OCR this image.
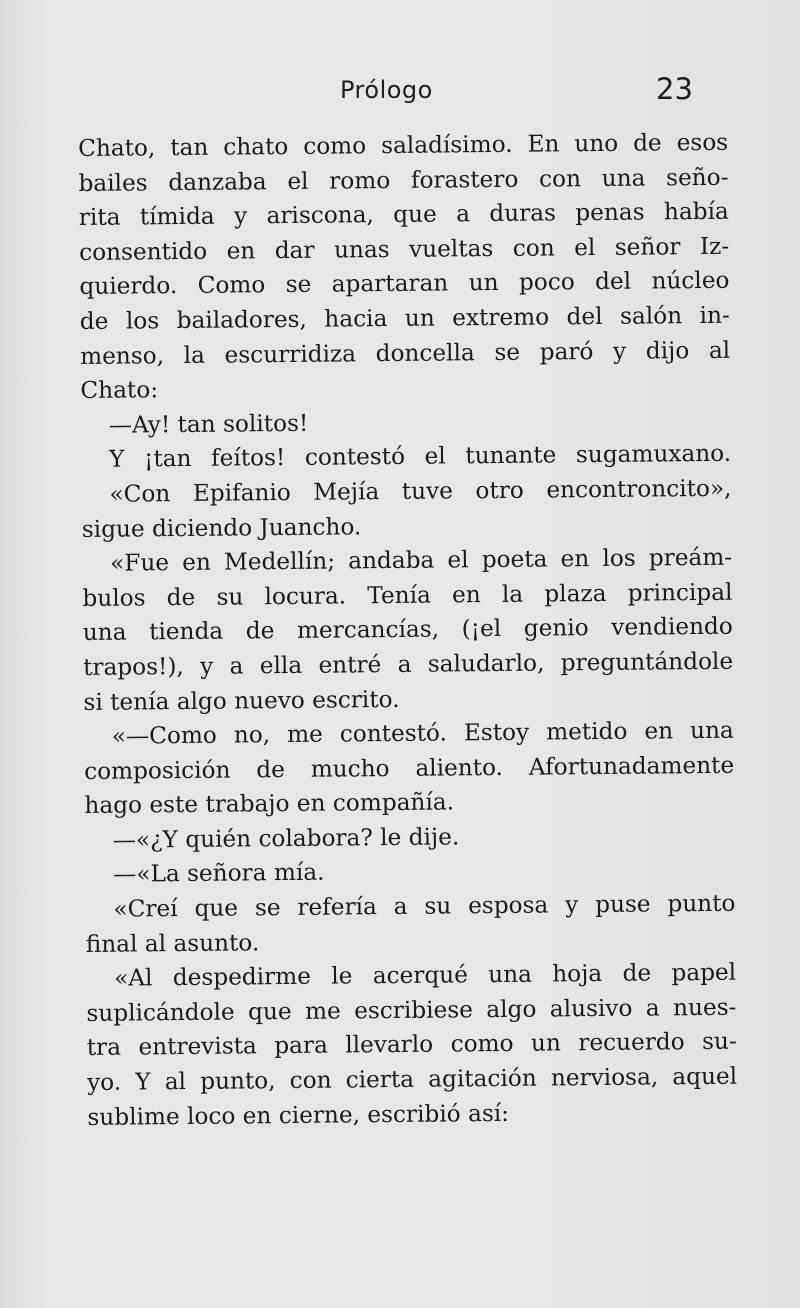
Prólogo	23
Chato, tan chato como saladísimo. En uno de esos
bailes danzaba el romo forastero con una seño-
rita tímida y ariscona, que a duras penas había
consentido en dar unas vueltas con el señor Iz-
quierdo. Como se apartaran un poco del núcleo
de los bailadores, hacia un extremo del salón in-
menso, la escurridiza doncella se paró y dijo al
Chato:
—Ay! tan solitos!
Y ¡tan feítos! contestó el tunante sugamuxano.
«Con Epifanio Mejía tuve otro encontroncito»,
sigue diciendo Juancho.
«Fue en Medellín; andaba el poeta en los preám-
bulos de su locura. Tenía en la plaza principal
una tienda de mercancías, (¡el genio vendiendo
trapos!), y a ella entré a saludarlo, preguntándole
si tenía algo nuevo escrito.
«—Como no, me contestó. Estoy metido en una
composición de mucho aliento. Afortunadamente
hago este trabajo en compañía.
—«¿Y quién colabora? le dije.
—«La señora mía.
«Creí que se refería a su esposa y puse punto
final al asunto.
«Al despedirme le acerqué una hoja de papel
suplicándole que me escribiese algo alusivo a nues-
tra entrevista para llevarlo como un recuerdo su-
yo. Y al punto, con cierta agitación nerviosa, aquel
sublime loco en cierne, escribió así:
